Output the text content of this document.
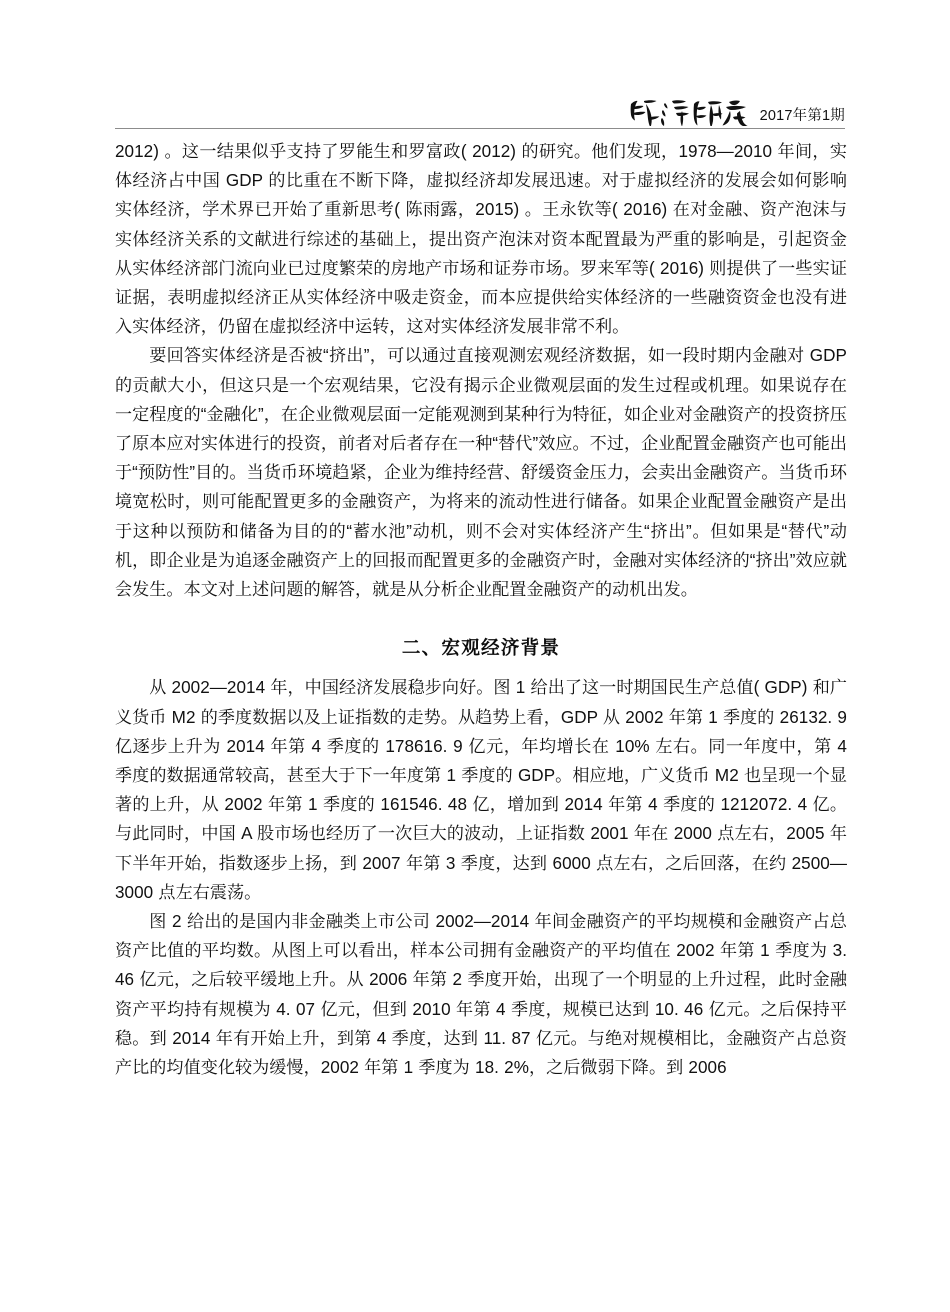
2017年第1期

2012) 。这一结果似乎支持了罗能生和罗富政( 2012) 的研究。他们发现，1978—2010 年间，实体经济占中国 GDP 的比重在不断下降，虚拟经济却发展迅速。对于虚拟经济的发展会如何影响实体经济，学术界已开始了重新思考( 陈雨露，2015) 。王永钦等( 2016) 在对金融、资产泡沫与实体经济关系的文献进行综述的基础上，提出资产泡沫对资本配置最为严重的影响是，引起资金从实体经济部门流向业已过度繁荣的房地产市场和证券市场。罗来军等( 2016) 则提供了一些实证证据，表明虚拟经济正从实体经济中吸走资金，而本应提供给实体经济的一些融资资金也没有进入实体经济，仍留在虚拟经济中运转，这对实体经济发展非常不利。

要回答实体经济是否被“挤出”，可以通过直接观测宏观经济数据，如一段时期内金融对 GDP 的贡献大小，但这只是一个宏观结果，它没有揭示企业微观层面的发生过程或机理。如果说存在一定程度的“金融化”，在企业微观层面一定能观测到某种行为特征，如企业对金融资产的投资挤压了原本应对实体进行的投资，前者对后者存在一种“替代”效应。不过，企业配置金融资产也可能出于“预防性”目的。当货币环境趋紧，企业为维持经营、舒缓资金压力，会卖出金融资产。当货币环境宽松时，则可能配置更多的金融资产，为将来的流动性进行储备。如果企业配置金融资产是出于这种以预防和储备为目的的“蓄水池”动机，则不会对实体经济产生“挤出”。但如果是“替代”动机，即企业是为追逐金融资产上的回报而配置更多的金融资产时，金融对实体经济的“挤出”效应就会发生。本文对上述问题的解答，就是从分析企业配置金融资产的动机出发。

二、宏观经济背景

从 2002—2014 年，中国经济发展稳步向好。图 1 给出了这一时期国民生产总值( GDP) 和广义货币 M2 的季度数据以及上证指数的走势。从趋势上看，GDP 从 2002 年第 1 季度的 26132. 9 亿逐步上升为 2014 年第 4 季度的 178616. 9 亿元，年均增长在 10% 左右。同一年度中，第 4 季度的数据通常较高，甚至大于下一年度第 1 季度的 GDP。相应地，广义货币 M2 也呈现一个显著的上升，从 2002 年第 1 季度的 161546. 48 亿，增加到 2014 年第 4 季度的 1212072. 4 亿。与此同时，中国 A 股市场也经历了一次巨大的波动，上证指数 2001 年在 2000 点左右，2005 年下半年开始，指数逐步上扬，到 2007 年第 3 季度，达到 6000 点左右，之后回落，在约 2500—3000 点左右震荡。

图 2 给出的是国内非金融类上市公司 2002—2014 年间金融资产的平均规模和金融资产占总资产比值的平均数。从图上可以看出，样本公司拥有金融资产的平均值在 2002 年第 1 季度为 3. 46 亿元，之后较平缓地上升。从 2006 年第 2 季度开始，出现了一个明显的上升过程，此时金融资产平均持有规模为 4. 07 亿元，但到 2010 年第 4 季度，规模已达到 10. 46 亿元。之后保持平稳。到 2014 年有开始上升，到第 4 季度，达到 11. 87 亿元。与绝对规模相比，金融资产占总资产比的均值变化较为缓慢，2002 年第 1 季度为 18. 2%，之后微弱下降。到 2006
